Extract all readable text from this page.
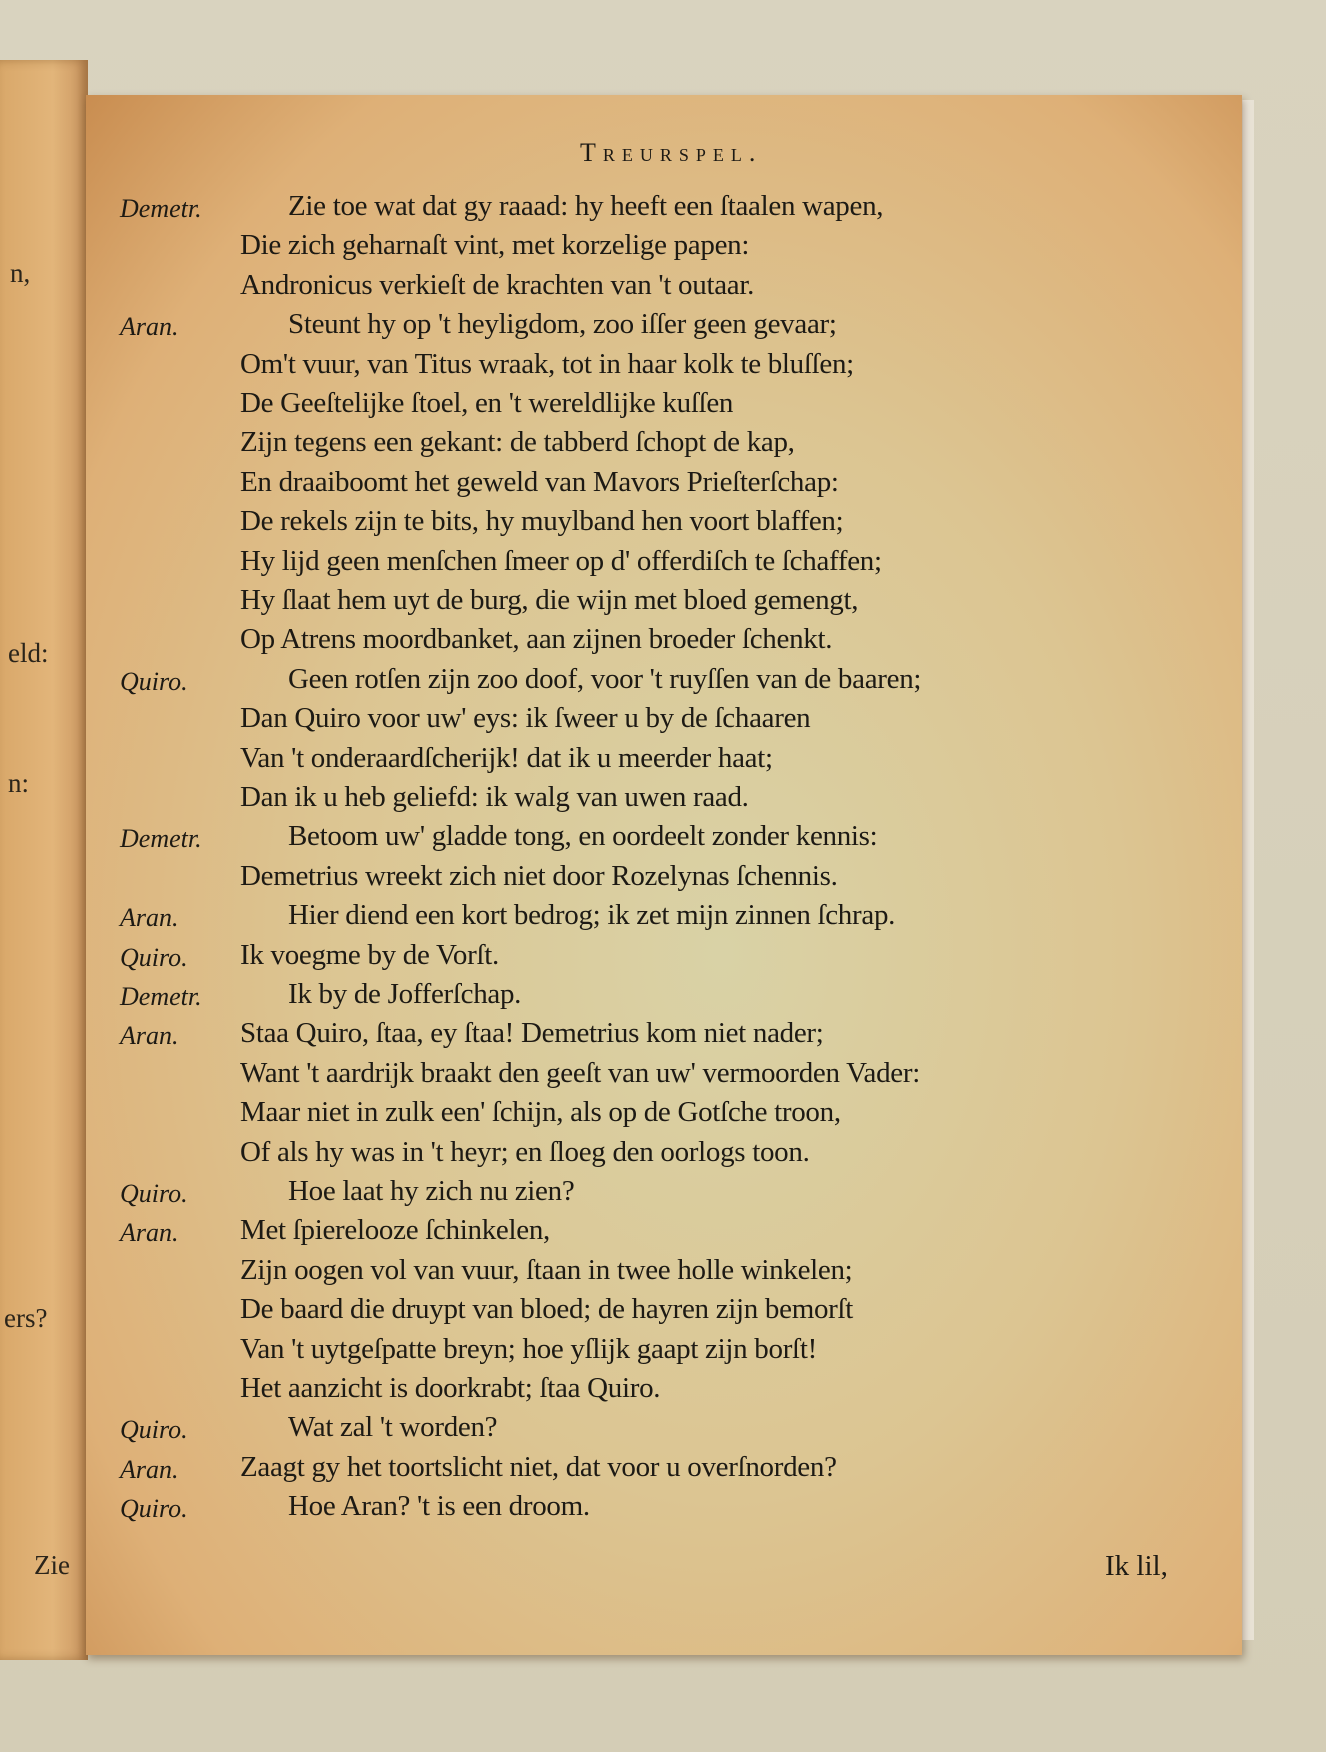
n,
eld:
n:
ers?
Zie
Treurspel.
Demetr.	Zie toe wat dat gy raaad: hy heeft een ſtaalen wapen,
Die zich geharnaſt vint, met korzelige papen:
Andronicus verkieſt de krachten van 't outaar.
Aran.	Steunt hy op 't heyligdom, zoo iſſer geen gevaar;
Om't vuur, van Titus wraak, tot in haar kolk te bluſſen;
De Geeſtelijke ſtoel, en 't wereldlijke kuſſen
Zijn tegens een gekant: de tabberd ſchopt de kap,
En draaiboomt het geweld van Mavors Prieſterſchap:
De rekels zijn te bits, hy muylband hen voort blaffen;
Hy lijd geen menſchen ſmeer op d' offerdiſch te ſchaffen;
Hy ſlaat hem uyt de burg, die wijn met bloed gemengt,
Op Atrens moordbanket, aan zijnen broeder ſchenkt.
Quiro.	Geen rotſen zijn zoo doof, voor 't ruyſſen van de baaren;
Dan Quiro voor uw' eys: ik ſweer u by de ſchaaren
Van 't onderaardſcherijk! dat ik u meerder haat;
Dan ik u heb geliefd: ik walg van uwen raad.
Demetr.	Betoom uw' gladde tong, en oordeelt zonder kennis:
Demetrius wreekt zich niet door Rozelynas ſchennis.
Aran.	Hier diend een kort bedrog; ik zet mijn zinnen ſchrap.
Quiro. Ik voegme by de Vorſt.
Demetr.	Ik by de Jofferſchap.
Aran. Staa Quiro, ſtaa, ey ſtaa! Demetrius kom niet nader;
Want 't aardrijk braakt den geeſt van uw' vermoorden Vader:
Maar niet in zulk een' ſchijn, als op de Gotſche troon,
Of als hy was in 't heyr; en ſloeg den oorlogs toon.
Quiro.	Hoe laat hy zich nu zien?
Aran. Met ſpierelooze ſchinkelen,
Zijn oogen vol van vuur, ſtaan in twee holle winkelen;
De baard die druypt van bloed; de hayren zijn bemorſt
Van 't uytgeſpatte breyn; hoe yſlijk gaapt zijn borſt!
Het aanzicht is doorkrabt; ſtaa Quiro.
Quiro.	Wat zal 't worden?
Aran. Zaagt gy het toortslicht niet, dat voor u overſnorden?
Quiro.	Hoe Aran? 't is een droom.
Ik lil,
